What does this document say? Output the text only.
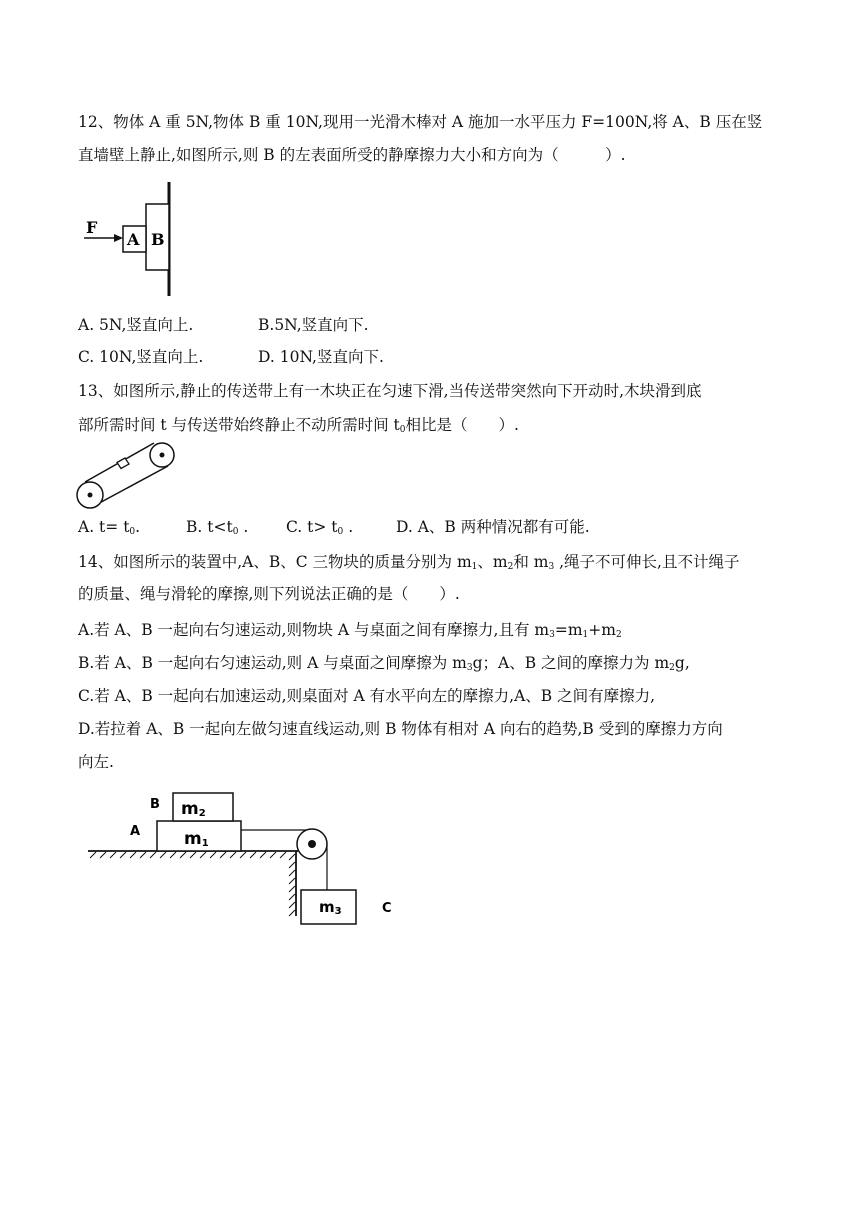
12、物体 A 重 5N,物体 B 重 10N,现用一光滑木棒对 A 施加一水平压力 F=100N,将 A、B 压在竖
直墙壁上静止,如图所示,则 B 的左表面所受的静摩擦力大小和方向为（　　　）.
F
A B
A. 5N,竖直向上.	B.5N,竖直向下.
C. 10N,竖直向上.	D. 10N,竖直向下.
13、如图所示,静止的传送带上有一木块正在匀速下滑,当传送带突然向下开动时,木块滑到底
部所需时间 t 与传送带始终静止不动所需时间 $t_0$相比是（　　）.
A. $t= t_0$.	B. $t<t_0$ . C. $t> t_0$ .	D. A、B 两种情况都有可能.
14、如图所示的装置中,A、B、C 三物块的质量分别为 $m_1$、$m_2$和 $m_3$ ,绳子不可伸长,且不计绳子
的质量、绳与滑轮的摩擦,则下列说法正确的是（　　）.
A.若 A、B 一起向右匀速运动,则物块 A 与桌面之间有摩擦力,且有 $m_3=m_1+m_2$
B.若 A、B 一起向右匀速运动,则 A 与桌面之间摩擦为 $m_3g$；A、B 之间的摩擦力为 $m_2g$,
C.若 A、B 一起向右加速运动,则桌面对 A 有水平向左的摩擦力,A、B 之间有摩擦力,
D.若拉着 A、B 一起向左做匀速直线运动,则 B 物体有相对 A 向右的趋势,B 受到的摩擦力方向
向左.
B
A
C
m2
m1
m3
